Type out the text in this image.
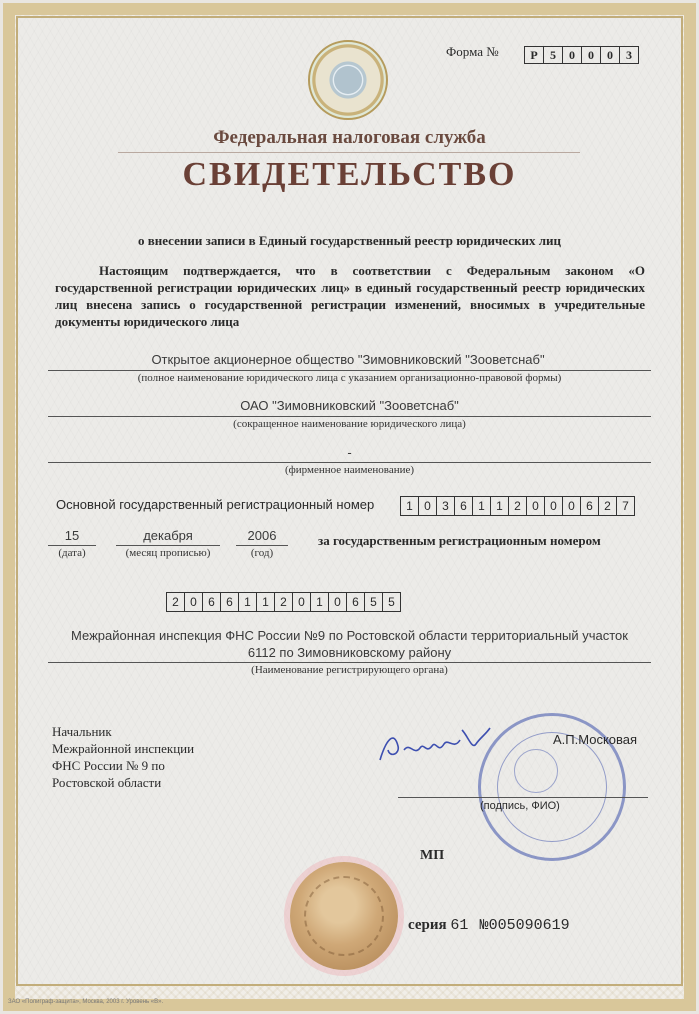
Форма №	Р	5	0	0	0	3
Федеральная налоговая служба
СВИДЕТЕЛЬСТВО
о внесении записи в Единый государственный реестр юридических лиц
Настоящим подтверждается, что в соответствии с Федеральным законом «О государственной регистрации юридических лиц» в единый государственный реестр юридических лиц внесена запись о государственной регистрации изменений, вносимых в учредительные документы юридического лица
Открытое акционерное общество "Зимовниковский "Зооветснаб"
(полное наименование юридического лица с указанием организационно-правовой формы)
ОАО "Зимовниковский "Зооветснаб"
(сокращенное наименование юридического лица)
-
(фирменное наименование)
Основной государственный регистрационный номер	1 0 3 6 1 1 2 0 0 0 6 2 7
15
(дата)
декабря
(месяц прописью)
2006
(год)
за государственным регистрационным номером
2 0 6 6 1 1 2 0 1 0 6 5 5
Межрайонная инспекция ФНС России №9 по Ростовской области территориальный участок
6112 по Зимовниковскому району
(Наименование регистрирующего органа)
Начальник
Межрайонной инспекции
ФНС России № 9 по
Ростовской области
А.П.Московая
(подпись, ФИО)
МП
серия 61 №005090619
ЗАО «Полиграф-защита», Москва, 2003 г. Уровень «В».
